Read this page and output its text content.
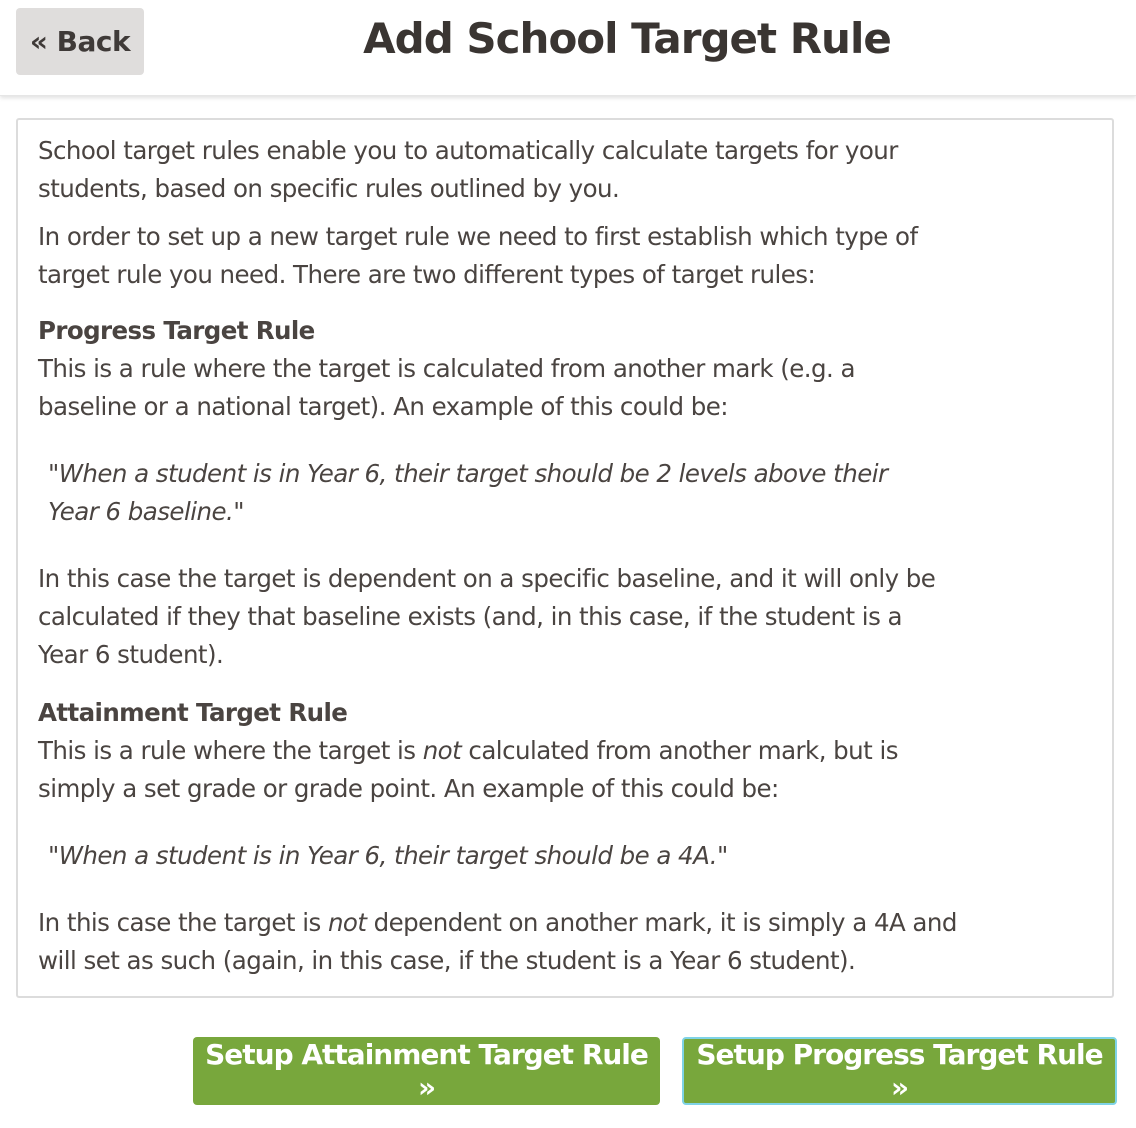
« Back	Add School Target Rule

School target rules enable you to automatically calculate targets for your students, based on specific rules outlined by you.

In order to set up a new target rule we need to first establish which type of target rule you need. There are two different types of target rules:

Progress Target Rule

This is a rule where the target is calculated from another mark (e.g. a baseline or a national target). An example of this could be:

"When a student is in Year 6, their target should be 2 levels above their Year 6 baseline."

In this case the target is dependent on a specific baseline, and it will only be calculated if they that baseline exists (and, in this case, if the student is a Year 6 student).

Attainment Target Rule

This is a rule where the target is not calculated from another mark, but is simply a set grade or grade point. An example of this could be:

"When a student is in Year 6, their target should be a 4A."

In this case the target is not dependent on another mark, it is simply a 4A and will set as such (again, in this case, if the student is a Year 6 student).

Setup Attainment Target Rule »
Setup Progress Target Rule »
